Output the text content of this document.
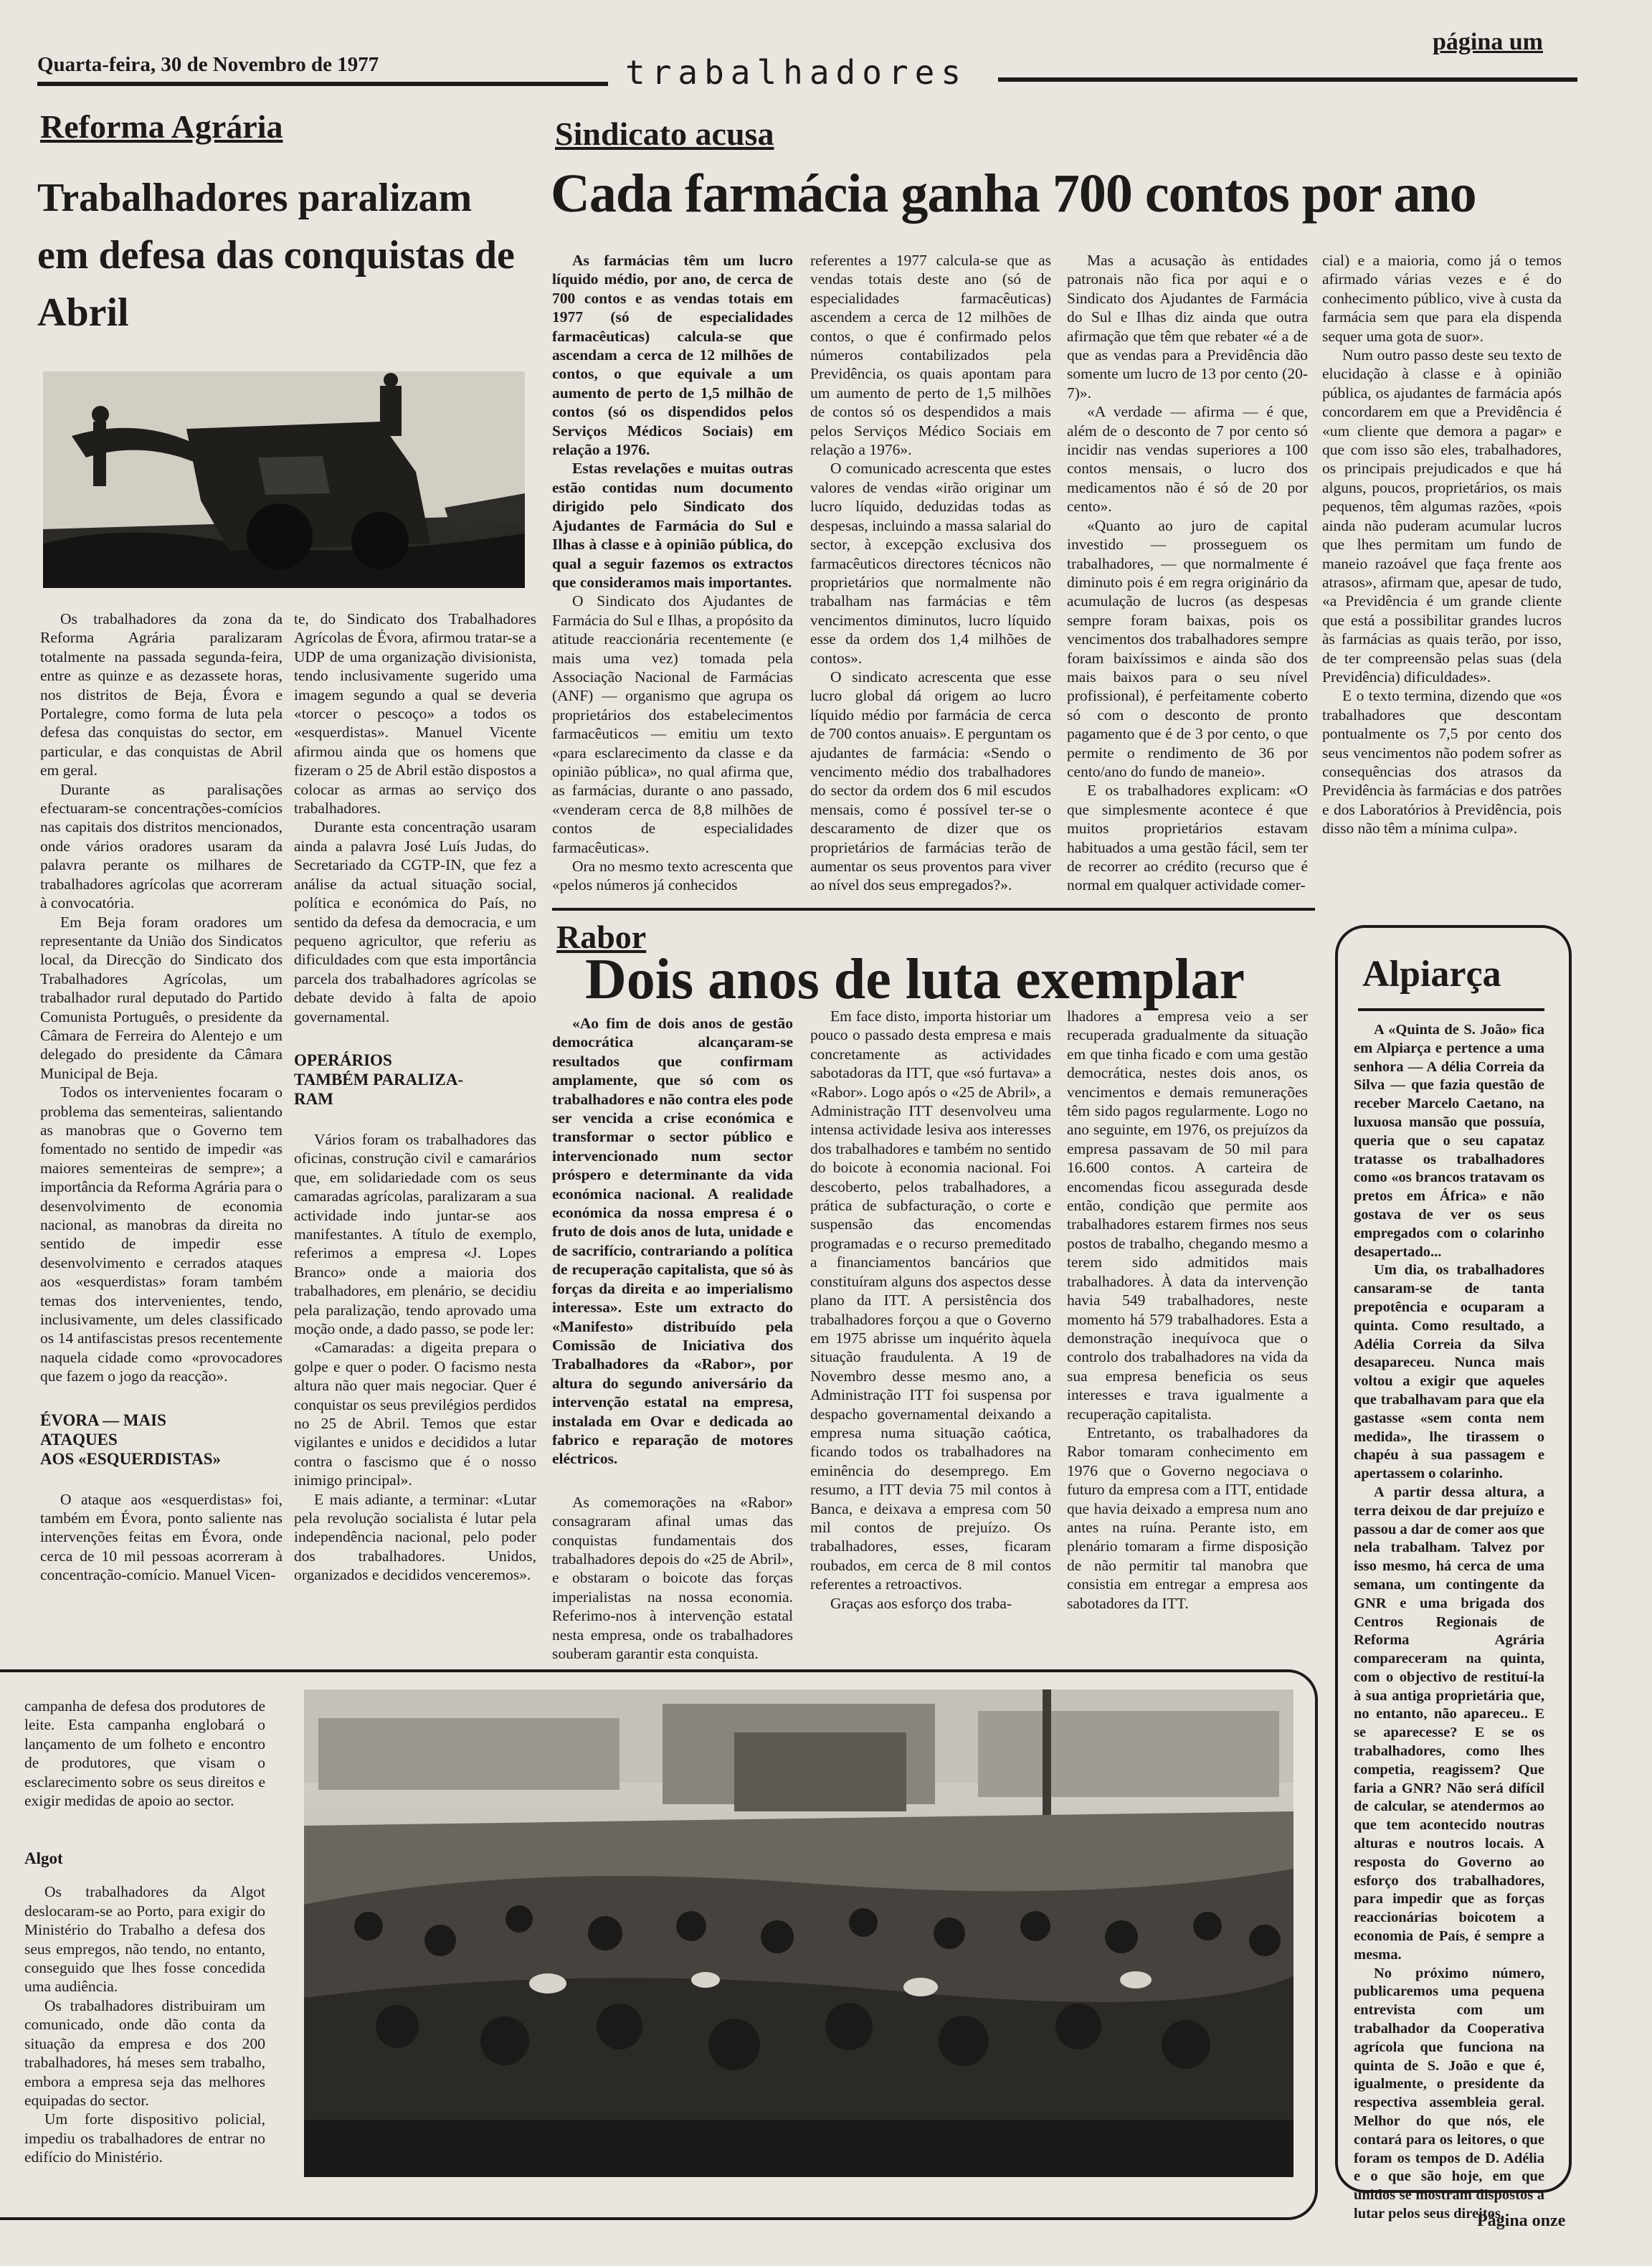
Quarta-feira, 30 de Novembro de 1977	trabalhadores
página um
Reforma Agrária
Trabalhadores paralizam em defesa das conquistas de Abril

Os trabalhadores da zona da Reforma Agrária paralizaram totalmente na passada segunda-feira, entre as quinze e as dezassete horas, nos distritos de Beja, Évora e Portalegre, como forma de luta pela defesa das conquistas do sector, em particular, e das conquistas de Abril em geral.

Durante as paralisações efectuaram-se concentrações-comícios nas capitais dos distritos mencionados, onde vários oradores usaram da palavra perante os milhares de trabalhadores agrícolas que acorreram à convocatória.

Em Beja foram oradores um representante da União dos Sindicatos local, da Direcção do Sindicato dos Trabalhadores Agrícolas, um trabalhador rural deputado do Partido Comunista Português, o presidente da Câmara de Ferreira do Alentejo e um delegado do presidente da Câmara Municipal de Beja.

Todos os intervenientes focaram o problema das sementeiras, salientando as manobras que o Governo tem fomentado no sentido de impedir «as maiores sementeiras de sempre»; a importância da Reforma Agrária para o desenvolvimento de economia nacional, as manobras da direita no sentido de impedir esse desenvolvimento e cerrados ataques aos «esquerdistas» foram também temas dos intervenientes, tendo, inclusivamente, um deles classificado os 14 antifascistas presos recentemente naquela cidade como «provocadores que fazem o jogo da reacção».

ÉVORA — MAIS
ATAQUES
AOS «ESQUERDISTAS»

O ataque aos «esquerdistas» foi, também em Évora, ponto saliente nas intervenções feitas em Évora, onde cerca de 10 mil pessoas acorreram à concentração-comício. Manuel Vicen-

te, do Sindicato dos Trabalhadores Agrícolas de Évora, afirmou tratar-se a UDP de uma organização divisionista, tendo inclusivamente sugerido uma imagem segundo a qual se deveria «torcer o pescoço» a todos os «esquerdistas». Manuel Vicente afirmou ainda que os homens que fizeram o 25 de Abril estão dispostos a colocar as armas ao serviço dos trabalhadores.

Durante esta concentração usaram ainda a palavra José Luís Judas, do Secretariado da CGTP-IN, que fez a análise da actual situação social, política e económica do País, no sentido da defesa da democracia, e um pequeno agricultor, que referiu as dificuldades com que esta importância parcela dos trabalhadores agrícolas se debate devido à falta de apoio governamental.

OPERÁRIOS
TAMBÉM PARALIZA-
RAM

Vários foram os trabalhadores das oficinas, construção civil e camarários que, em solidariedade com os seus camaradas agrícolas, paralizaram a sua actividade indo juntar-se aos manifestantes. A título de exemplo, referimos a empresa «J. Lopes Branco» onde a maioria dos trabalhadores, em plenário, se decidiu pela paralização, tendo aprovado uma moção onde, a dado passo, se pode ler:

«Camaradas: a digeita prepara o golpe e quer o poder. O facismo nesta altura não quer mais negociar. Quer é conquistar os seus previlégios perdidos no 25 de Abril. Temos que estar vigilantes e unidos e decididos a lutar contra o fascismo que é o nosso inimigo principal».

E mais adiante, a terminar: «Lutar pela revolução socialista é lutar pela independência nacional, pelo poder dos trabalhadores. Unidos, organizados e decididos venceremos».

Sindicato acusa
Cada farmácia ganha 700 contos por ano

As farmácias têm um lucro líquido médio, por ano, de cerca de 700 contos e as vendas totais em 1977 (só de especialidades farmacêuticas) calcula-se que ascendam a cerca de 12 milhões de contos, o que equivale a um aumento de perto de 1,5 milhão de contos (só os dispendidos pelos Serviços Médicos Sociais) em relação a 1976.

Estas revelações e muitas outras estão contidas num documento dirigido pelo Sindicato dos Ajudantes de Farmácia do Sul e Ilhas à classe e à opinião pública, do qual a seguir fazemos os extractos que consideramos mais importantes.

O Sindicato dos Ajudantes de Farmácia do Sul e Ilhas, a propósito da atitude reaccionária recentemente (e mais uma vez) tomada pela Associação Nacional de Farmácias (ANF) — organismo que agrupa os proprietários dos estabelecimentos farmacêuticos — emitiu um texto «para esclarecimento da classe e da opinião pública», no qual afirma que, as farmácias, durante o ano passado, «venderam cerca de 8,8 milhões de contos de especialidades farmacêuticas».

Ora no mesmo texto acrescenta que «pelos números já conhecidos

referentes a 1977 calcula-se que as vendas totais deste ano (só de especialidades farmacêuticas) ascendem a cerca de 12 milhões de contos, o que é confirmado pelos números contabilizados pela Previdência, os quais apontam para um aumento de perto de 1,5 milhões de contos só os despendidos a mais pelos Serviços Médico Sociais em relação a 1976».

O comunicado acrescenta que estes valores de vendas «irão originar um lucro líquido, deduzidas todas as despesas, incluindo a massa salarial do sector, à excepção exclusiva dos farmacêuticos directores técnicos não proprietários que normalmente não trabalham nas farmácias e têm vencimentos diminutos, lucro líquido esse da ordem dos 1,4 milhões de contos».

O sindicato acrescenta que esse lucro global dá origem ao lucro líquido médio por farmácia de cerca de 700 contos anuais». E perguntam os ajudantes de farmácia: «Sendo o vencimento médio dos trabalhadores do sector da ordem dos 6 mil escudos mensais, como é possível ter-se o descaramento de dizer que os proprietários de farmácias terão de aumentar os seus proventos para viver ao nível dos seus empregados?».

Mas a acusação às entidades patronais não fica por aqui e o Sindicato dos Ajudantes de Farmácia do Sul e Ilhas diz ainda que outra afirmação que têm que rebater «é a de que as vendas para a Previdência dão somente um lucro de 13 por cento (20-7)».

«A verdade — afirma — é que, além de o desconto de 7 por cento só incidir nas vendas superiores a 100 contos mensais, o lucro dos medicamentos não é só de 20 por cento».

«Quanto ao juro de capital investido — prosseguem os trabalhadores, — que normalmente é diminuto pois é em regra originário da acumulação de lucros (as despesas sempre foram baixas, pois os vencimentos dos trabalhadores sempre foram baixíssimos e ainda são dos mais baixos para o seu nível profissional), é perfeitamente coberto só com o desconto de pronto pagamento que é de 3 por cento, o que permite o rendimento de 36 por cento/ano do fundo de maneio».

E os trabalhadores explicam: «O que simplesmente acontece é que muitos proprietários estavam habituados a uma gestão fácil, sem ter de recorrer ao crédito (recurso que é normal em qualquer actividade comer-

cial) e a maioria, como já o temos afirmado várias vezes e é do conhecimento público, vive à custa da farmácia sem que para ela dispenda sequer uma gota de suor».

Num outro passo deste seu texto de elucidação à classe e à opinião pública, os ajudantes de farmácia após concordarem em que a Previdência é «um cliente que demora a pagar» e que com isso são eles, trabalhadores, os principais prejudicados e que há alguns, poucos, proprietários, os mais pequenos, têm algumas razões, «pois ainda não puderam acumular lucros que lhes permitam um fundo de maneio razoável que faça frente aos atrasos», afirmam que, apesar de tudo, «a Previdência é um grande cliente que está a possibilitar grandes lucros às farmácias as quais terão, por isso, de ter compreensão pelas suas (dela Previdência) dificuldades».

E o texto termina, dizendo que «os trabalhadores que descontam pontualmente os 7,5 por cento dos seus vencimentos não podem sofrer as consequências dos atrasos da Previdência às farmácias e dos patrões e dos Laboratórios à Previdência, pois disso não têm a mínima culpa».

Rabor
Dois anos de luta exemplar

«Ao fim de dois anos de gestão democrática alcançaram-se resultados que confirmam amplamente, que só com os trabalhadores e não contra eles pode ser vencida a crise económica e transformar o sector público e intervencionado num sector próspero e determinante da vida económica nacional. A realidade económica da nossa empresa é o fruto de dois anos de luta, unidade e de sacrifício, contrariando a política de recuperação capitalista, que só às forças da direita e ao imperialismo interessa». Este um extracto do «Manifesto» distribuído pela Comissão de Iniciativa dos Trabalhadores da «Rabor», por altura do segundo aniversário da intervenção estatal na empresa, instalada em Ovar e dedicada ao fabrico e reparação de motores eléctricos.

As comemorações na «Rabor» consagraram afinal umas das conquistas fundamentais dos trabalhadores depois do «25 de Abril», e obstaram o boicote das forças imperialistas na nossa economia. Referimo-nos à intervenção estatal nesta empresa, onde os trabalhadores souberam garantir esta conquista.

Em face disto, importa historiar um pouco o passado desta empresa e mais concretamente as actividades sabotadoras da ITT, que «só furtava» a «Rabor». Logo após o «25 de Abril», a Administração ITT desenvolveu uma intensa actividade lesiva aos interesses dos trabalhadores e também no sentido do boicote à economia nacional. Foi descoberto, pelos trabalhadores, a prática de subfacturação, o corte e suspensão das encomendas programadas e o recurso premeditado a financiamentos bancários que constituíram alguns dos aspectos desse plano da ITT. A persistência dos trabalhadores forçou a que o Governo em 1975 abrisse um inquérito àquela situação fraudulenta. A 19 de Novembro desse mesmo ano, a Administração ITT foi suspensa por despacho governamental deixando a empresa numa situação caótica, ficando todos os trabalhadores na eminência do desemprego. Em resumo, a ITT devia 75 mil contos à Banca, e deixava a empresa com 50 mil contos de prejuízo. Os trabalhadores, esses, ficaram roubados, em cerca de 8 mil contos referentes a retroactivos.

Graças aos esforço dos traba-

lhadores a empresa veio a ser recuperada gradualmente da situação em que tinha ficado e com uma gestão democrática, nestes dois anos, os vencimentos e demais remunerações têm sido pagos regularmente. Logo no ano seguinte, em 1976, os prejuízos da empresa passavam de 50 mil para 16.600 contos. A carteira de encomendas ficou assegurada desde então, condição que permite aos trabalhadores estarem firmes nos seus postos de trabalho, chegando mesmo a terem sido admitidos mais trabalhadores. À data da intervenção havia 549 trabalhadores, neste momento há 579 trabalhadores. Esta a demonstração inequívoca que o controlo dos trabalhadores na vida da sua empresa beneficia os seus interesses e trava igualmente a recuperação capitalista.

Entretanto, os trabalhadores da Rabor tomaram conhecimento em 1976 que o Governo negociava o futuro da empresa com a ITT, entidade que havia deixado a empresa num ano antes na ruína. Perante isto, em plenário tomaram a firme disposição de não permitir tal manobra que consistia em entregar a empresa aos sabotadores da ITT.

Alpiarça

A «Quinta de S. João» fica em Alpiarça e pertence a uma senhora — A délia Correia da Silva — que fazia questão de receber Marcelo Caetano, na luxuosa mansão que possuía, queria que o seu capataz tratasse os trabalhadores como «os brancos tratavam os pretos em África» e não gostava de ver os seus empregados com o colarinho desapertado...

Um dia, os trabalhadores cansaram-se de tanta prepotência e ocuparam a quinta. Como resultado, a Adélia Correia da Silva desapareceu. Nunca mais voltou a exigir que aqueles que trabalhavam para que ela gastasse «sem conta nem medida», lhe tirassem o chapéu à sua passagem e apertassem o colarinho.

A partir dessa altura, a terra deixou de dar prejuízo e passou a dar de comer aos que nela trabalham. Talvez por isso mesmo, há cerca de uma semana, um contingente da GNR e uma brigada dos Centros Regionais de Reforma Agrária compareceram na quinta, com o objectivo de restituí-la à sua antiga proprietária que, no entanto, não apareceu.. E se aparecesse? E se os trabalhadores, como lhes competia, reagissem? Que faria a GNR? Não será difícil de calcular, se atendermos ao que tem acontecido noutras alturas e noutros locais. A resposta do Governo ao esforço dos trabalhadores, para impedir que as forças reaccionárias boicotem a economia de País, é sempre a mesma.

No próximo número, publicaremos uma pequena entrevista com um trabalhador da Cooperativa agrícola que funciona na quinta de S. João e que é, igualmente, o presidente da respectiva assembleia geral. Melhor do que nós, ele contará para os leitores, o que foram os tempos de D. Adélia e o que são hoje, em que unidos se mostram dispostos a lutar pelos seus direitos.

campanha de defesa dos produtores de leite. Esta campanha englobará o lançamento de um folheto e encontro de produtores, que visam o esclarecimento sobre os seus direitos e exigir medidas de apoio ao sector.

Algot

Os trabalhadores da Algot deslocaram-se ao Porto, para exigir do Ministério do Trabalho a defesa dos seus empregos, não tendo, no entanto, conseguido que lhes fosse concedida uma audiência.

Os trabalhadores distribuiram um comunicado, onde dão conta da situação da empresa e dos 200 trabalhadores, há meses sem trabalho, embora a empresa seja das melhores equipadas do sector.

Um forte dispositivo policial, impediu os trabalhadores de entrar no edifício do Ministério.

Página onze
